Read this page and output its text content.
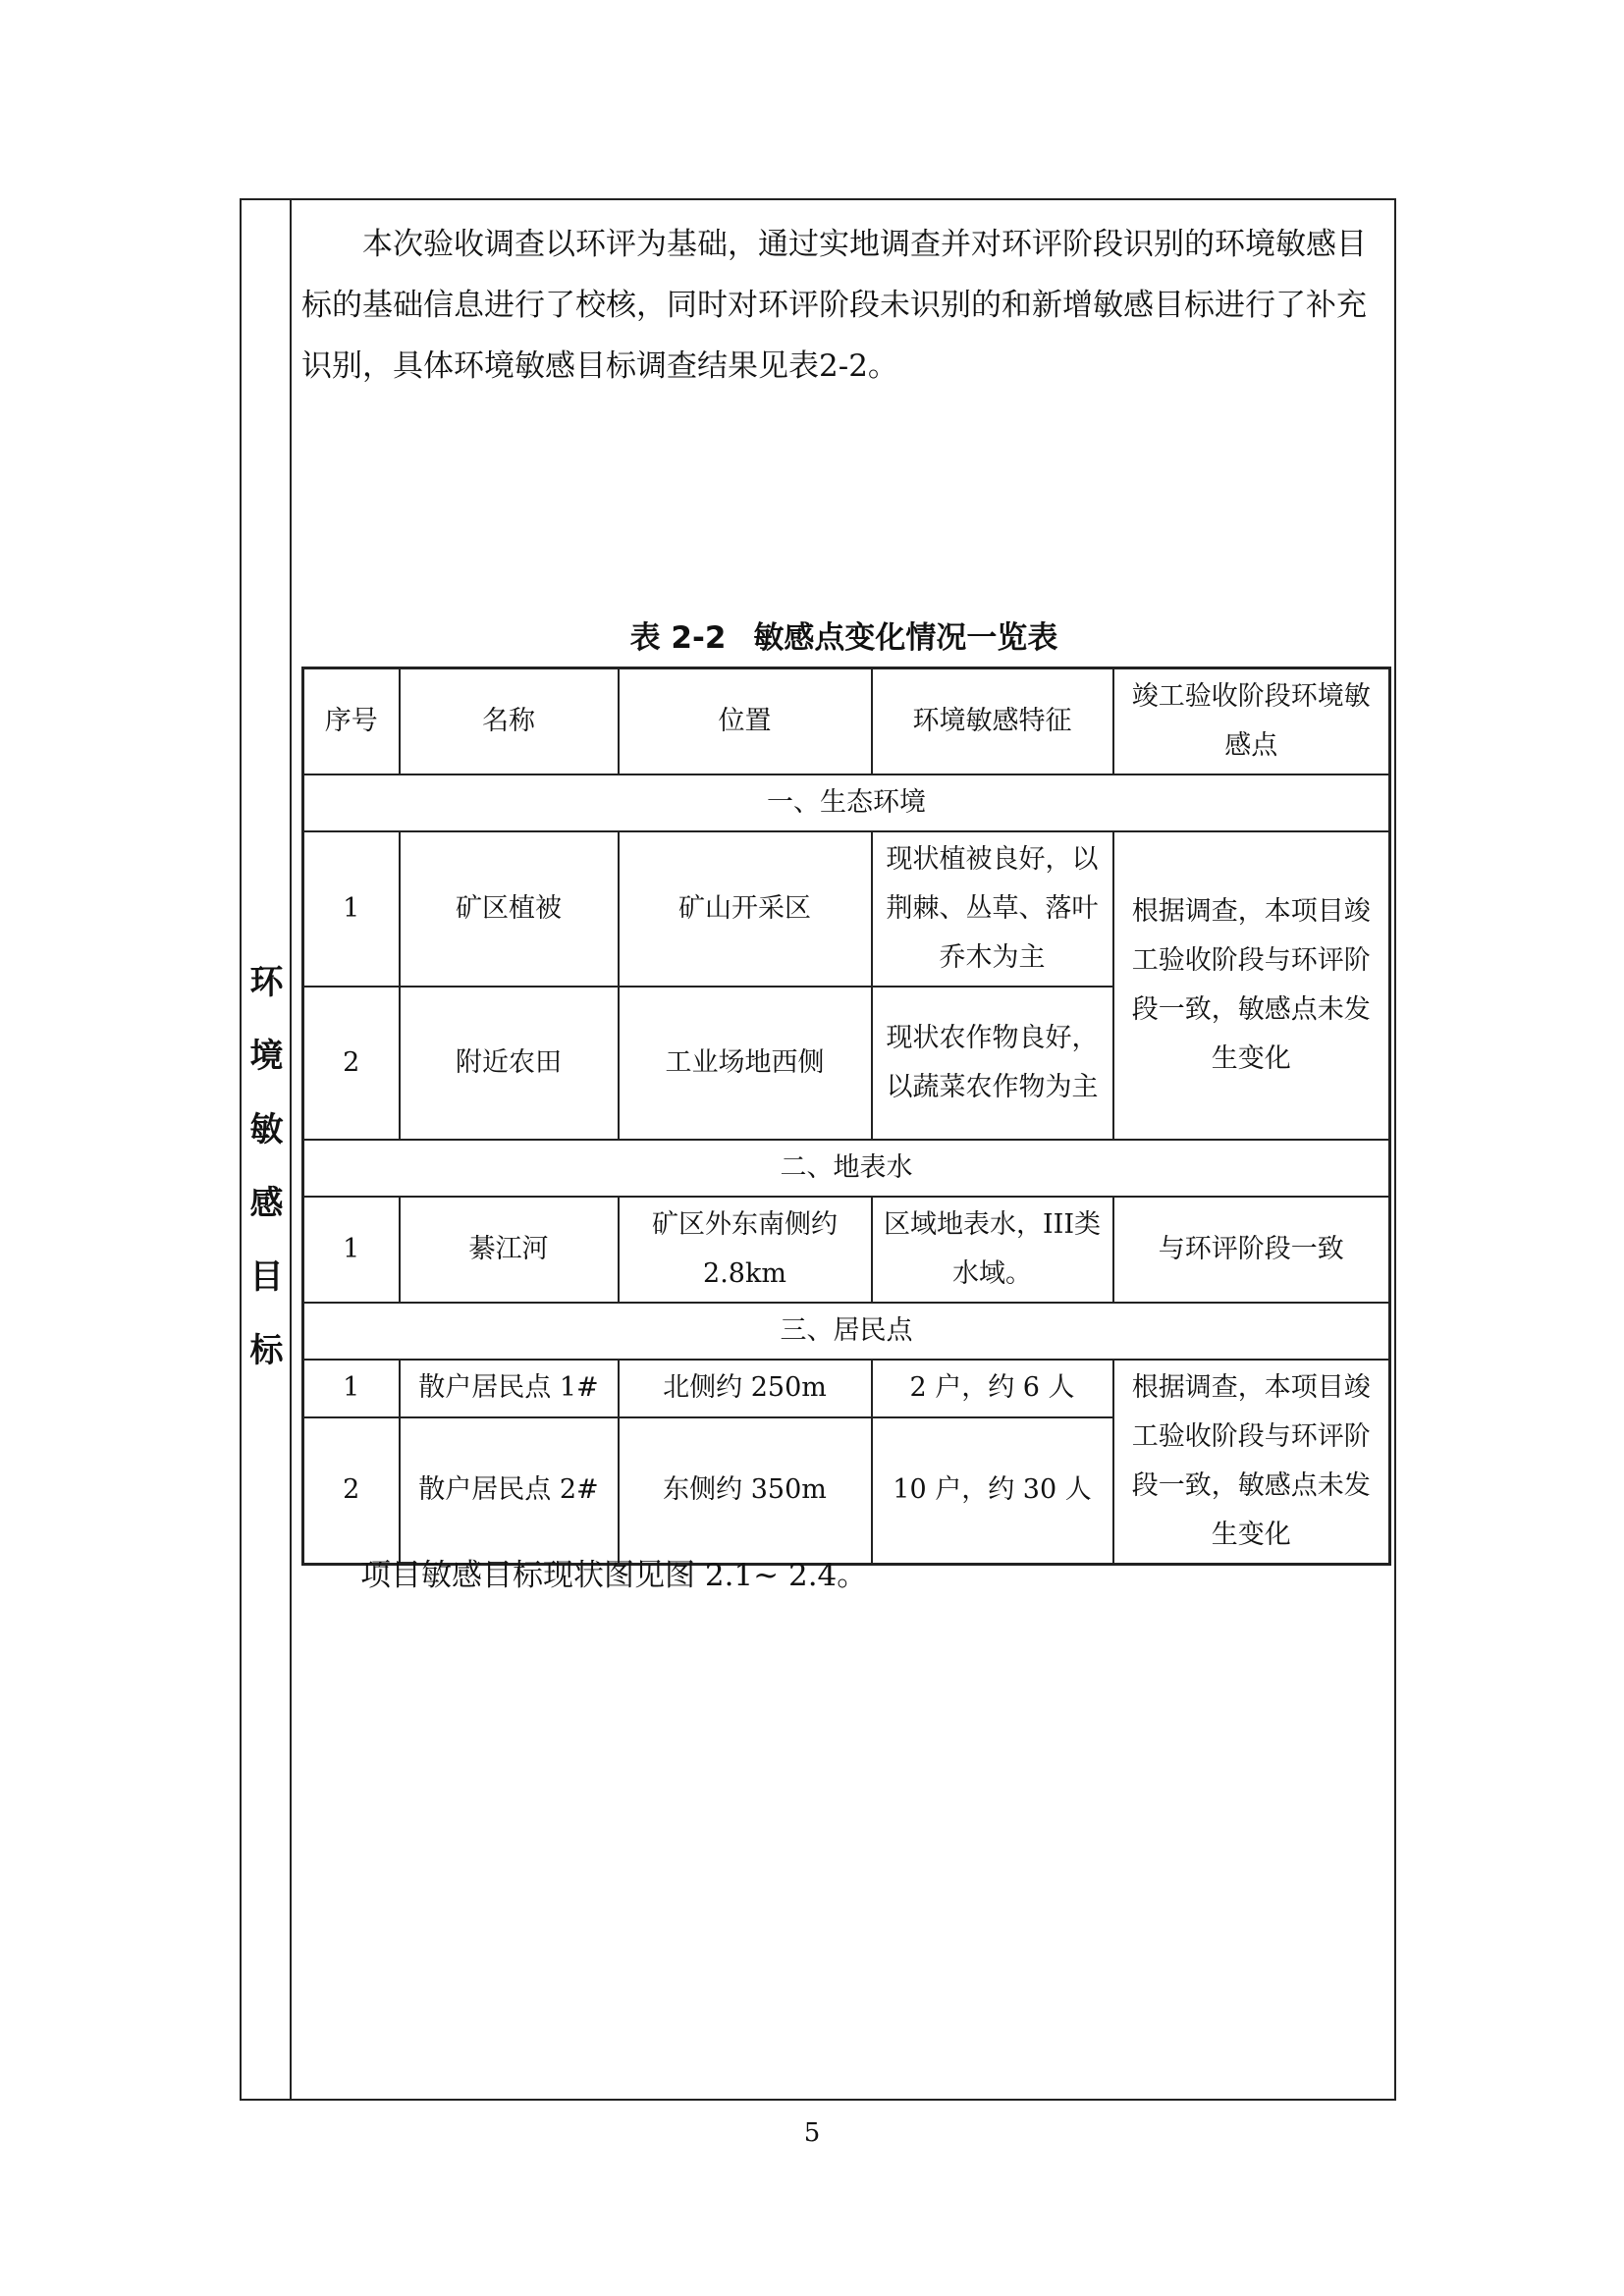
环
境
敏
感
目
标

本次验收调查以环评为基础，通过实地调查并对环评阶段识别的环境敏感目标的基础信息进行了校核，同时对环评阶段未识别的和新增敏感目标进行了补充识别，具体环境敏感目标调查结果见表2-2。

表 2-2 敏感点变化情况一览表

序号	名称	位置	环境敏感特征	竣工验收阶段环境敏感点
一、生态环境				
1	矿区植被	矿山开采区	现状植被良好，以荆棘、丛草、落叶乔木为主	根据调查，本项目竣工验收阶段与环评阶段一致，敏感点未发生变化
2	附近农田	工业场地西侧	现状农作物良好，以蔬菜农作物为主	
二、地表水				
1	綦江河	矿区外东南侧约2.8km	区域地表水，III类水域。	与环评阶段一致
三、居民点				
1	散户居民点 1#	北侧约 250m	2 户，约 6 人	根据调查，本项目竣工验收阶段与环评阶段一致，敏感点未发生变化
2	散户居民点 2#	东侧约 350m	10 户，约 30 人	

项目敏感目标现状图见图 2.1~ 2.4。

5
